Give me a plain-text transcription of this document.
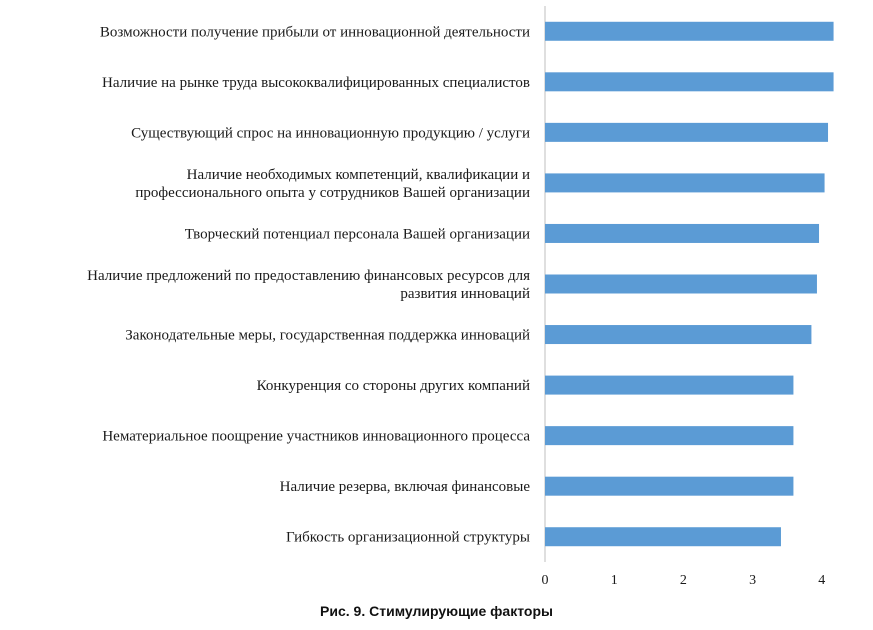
Возможности получение прибыли от инновационной деятельности
Наличие на рынке труда высококвалифицированных специалистов
Существующий спрос на инновационную продукцию / услуги
Наличие необходимых компетенций, квалификации и
профессионального опыта у сотрудников Вашей организации
Творческий потенциал персонала Вашей организации
Наличие предложений по предоставлению финансовых ресурсов для
развития инноваций
Законодательные меры, государственная поддержка инноваций
Конкуренция со стороны других компаний
Нематериальное поощрение участников инновационного процесса
Наличие резерва, включая финансовые
Гибкость организационной структуры
0	1	2	3	4
Рис. 9. Стимулирующие факторы
